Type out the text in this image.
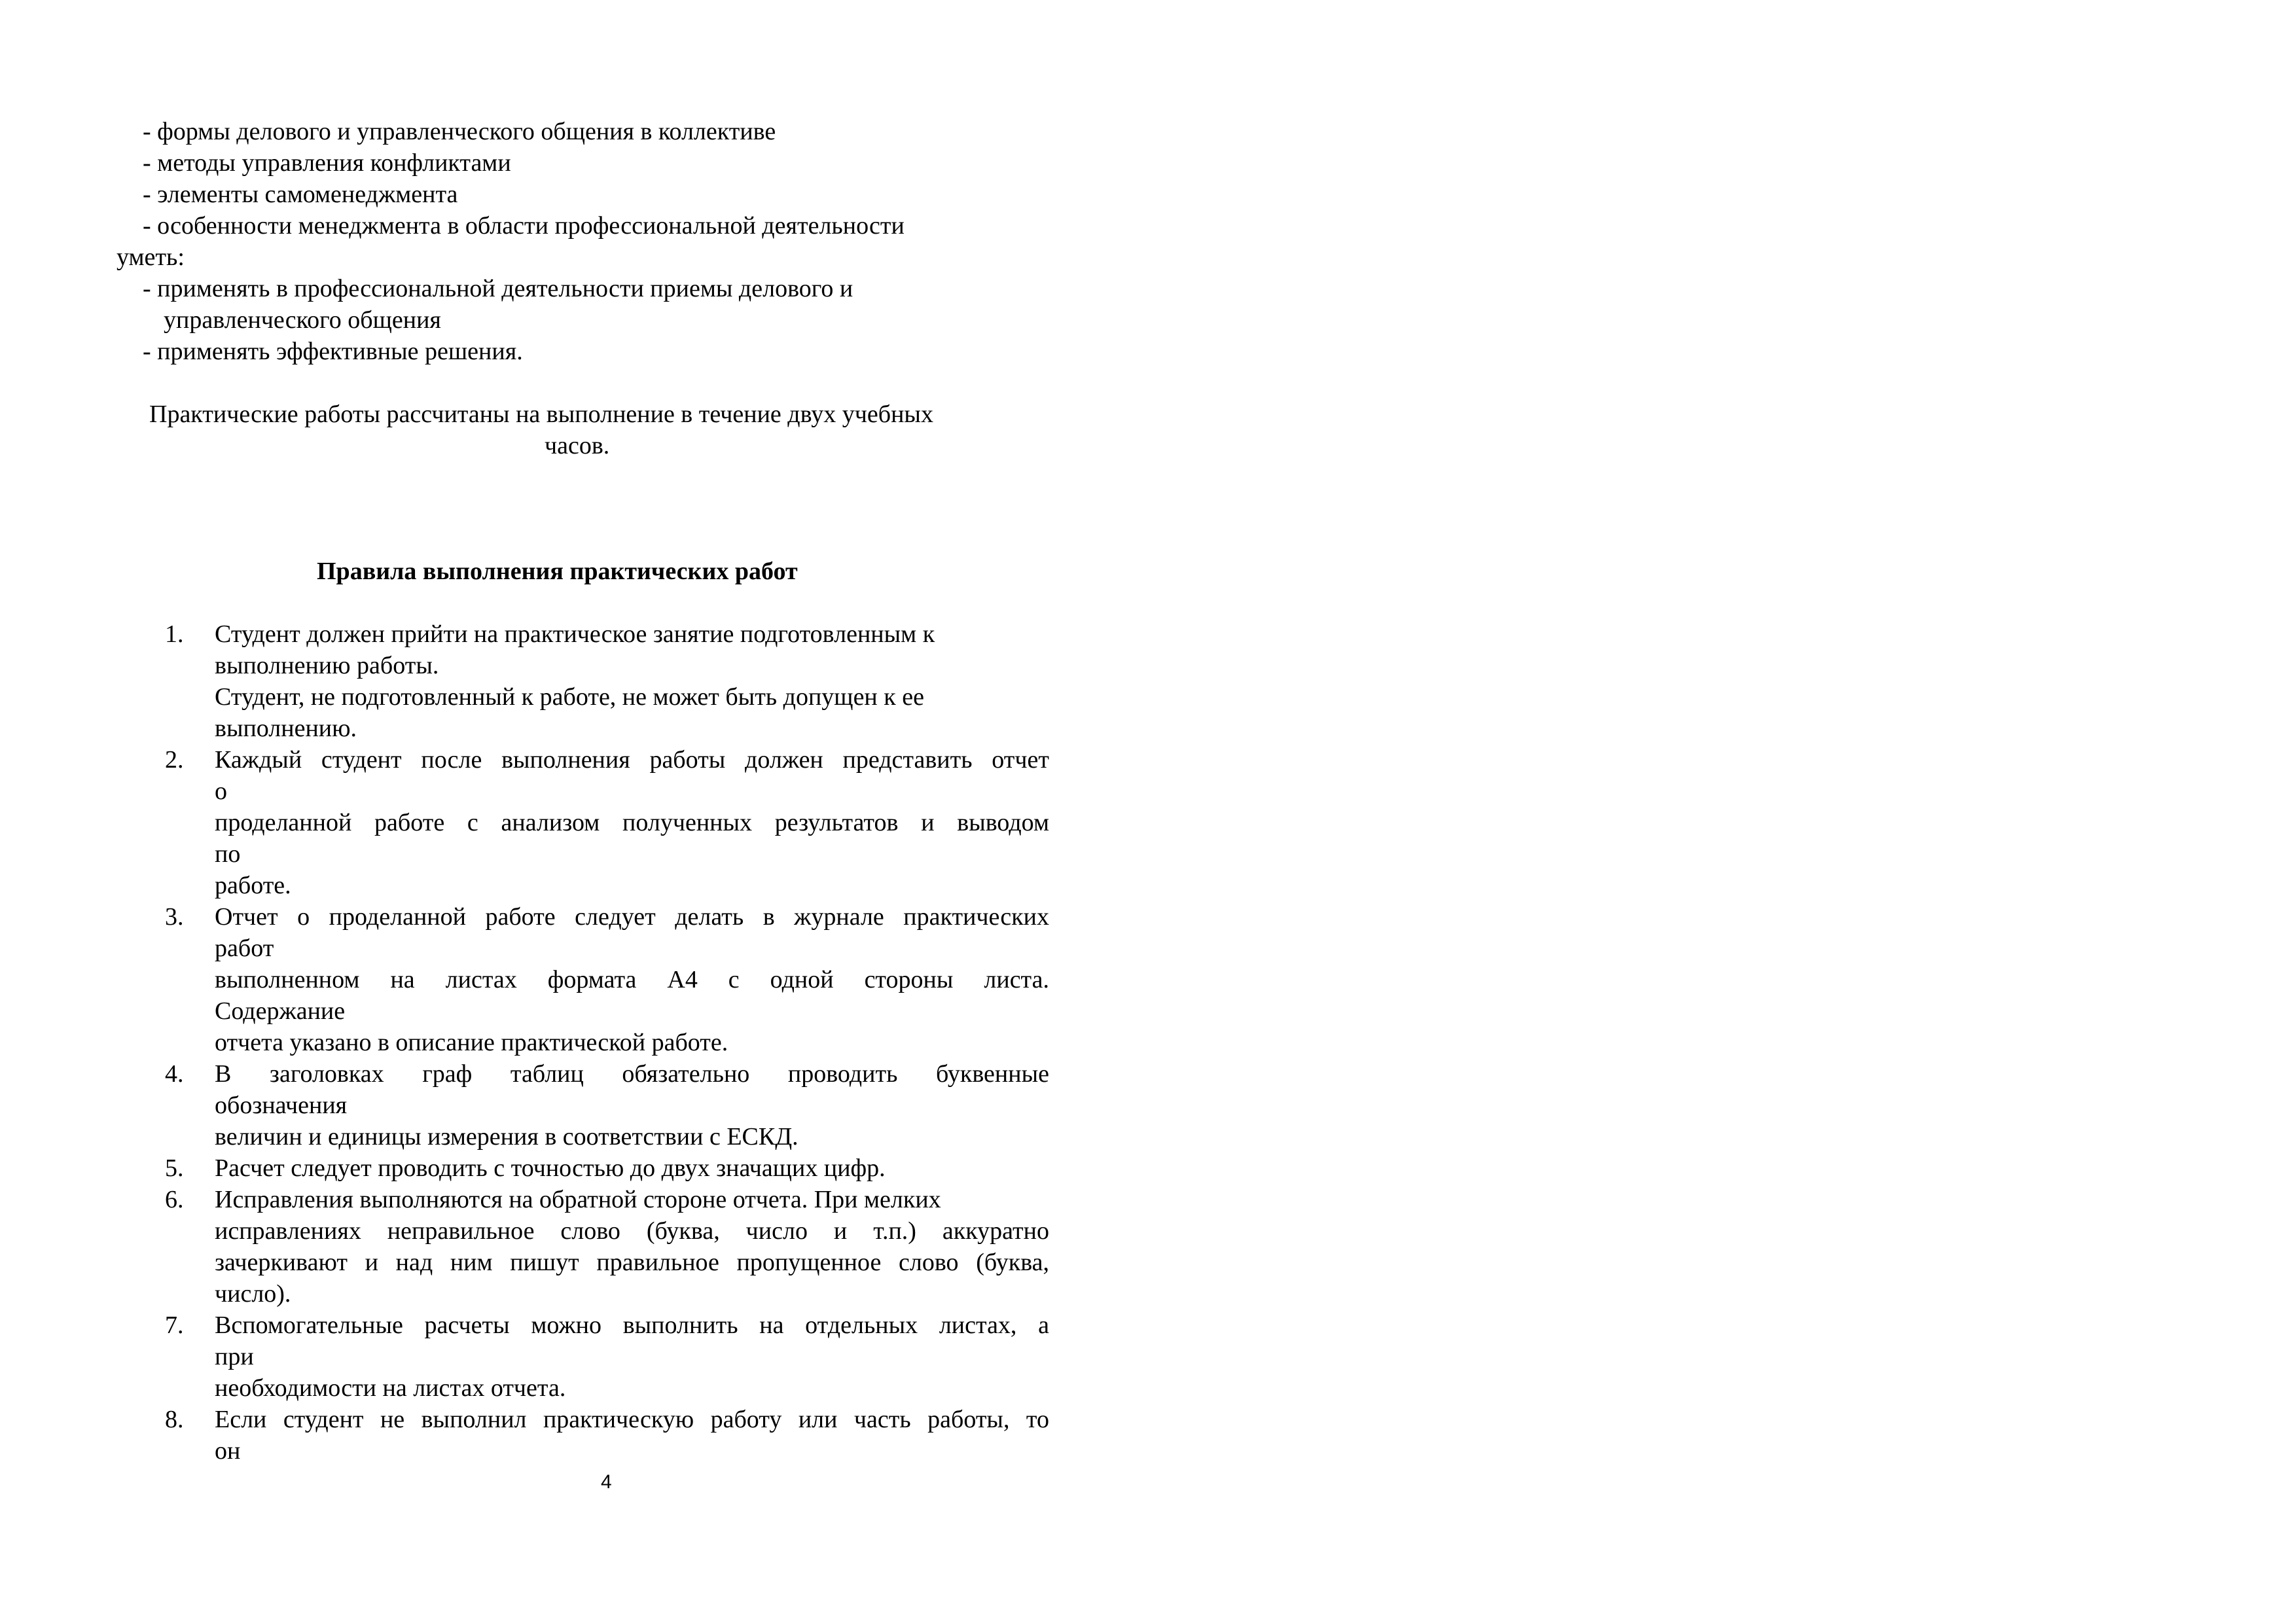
- формы делового и управленческого общения в коллективе
- методы управления конфликтами
- элементы самоменеджмента
- особенности менеджмента в области профессиональной деятельности
уметь:
- применять в профессиональной деятельности приемы делового и
управленческого общения
- применять эффективные решения.
Практические работы рассчитаны на выполнение в течение двух учебных
часов.
Правила выполнения практических работ
1. Студент должен прийти на практическое занятие подготовленным к
выполнению работы.
Студент, не подготовленный к работе, не может быть допущен к ее
выполнению.
2. Каждый студент после выполнения работы должен представить отчет
о
проделанной работе с анализом полученных результатов и выводом
по
работе.
3. Отчет о проделанной работе следует делать в журнале практических
работ
выполненном на листах формата А4 с одной стороны листа.
Содержание
отчета указано в описание практической работе.
4. В заголовках граф таблиц обязательно проводить буквенные
обозначения
величин и единицы измерения в соответствии с ЕСКД.
5. Расчет следует проводить с точностью до двух значащих цифр.
6. Исправления выполняются на обратной стороне отчета. При мелких
исправлениях неправильное слово (буква, число и т.п.) аккуратно
зачеркивают и над ним пишут правильное пропущенное слово (буква,
число).
7. Вспомогательные расчеты можно выполнить на отдельных листах, а
при
необходимости на листах отчета.
8. Если студент не выполнил практическую работу или часть работы, то
он
4
